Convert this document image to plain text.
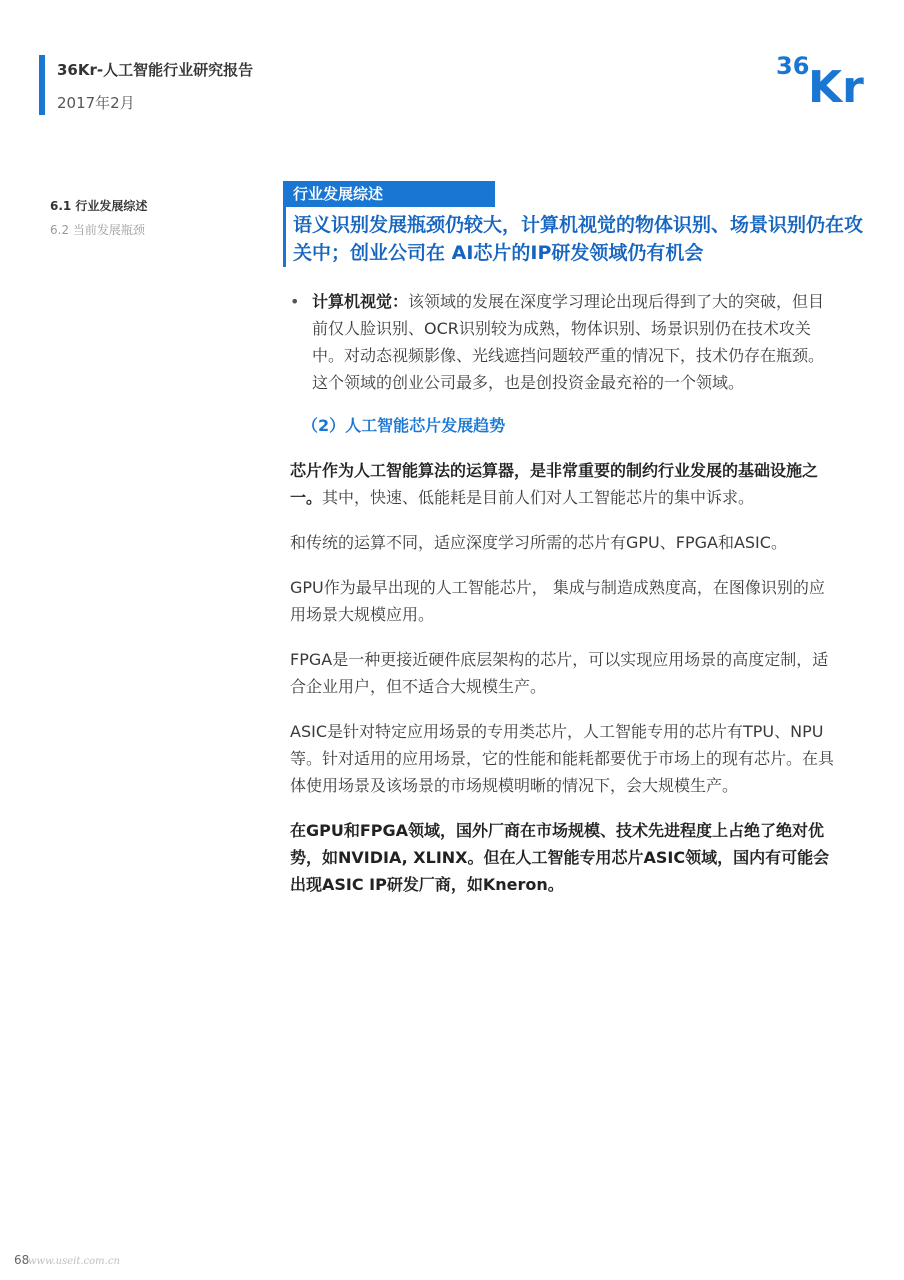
36Kr-人工智能行业研究报告
2017年2月
36
Kr
6.1 行业发展综述
6.2 当前发展瓶颈
行业发展综述
语义识别发展瓶颈仍较大，计算机视觉的物体识别、场景识别仍在攻关中；创业公司在 AI芯片的IP研发领域仍有机会
• 计算机视觉：该领域的发展在深度学习理论出现后得到了大的突破，但目前仅人脸识别、OCR识别较为成熟，物体识别、场景识别仍在技术攻关中。对动态视频影像、光线遮挡问题较严重的情况下，技术仍存在瓶颈。这个领域的创业公司最多，也是创投资金最充裕的一个领域。
（2）人工智能芯片发展趋势
芯片作为人工智能算法的运算器，是非常重要的制约行业发展的基础设施之一。其中，快速、低能耗是目前人们对人工智能芯片的集中诉求。
和传统的运算不同，适应深度学习所需的芯片有GPU、FPGA和ASIC。
GPU作为最早出现的人工智能芯片， 集成与制造成熟度高，在图像识别的应用场景大规模应用。
FPGA是一种更接近硬件底层架构的芯片，可以实现应用场景的高度定制，适合企业用户，但不适合大规模生产。
ASIC是针对特定应用场景的专用类芯片，人工智能专用的芯片有TPU、NPU等。针对适用的应用场景，它的性能和能耗都要优于市场上的现有芯片。在具体使用场景及该场景的市场规模明晰的情况下，会大规模生产。
在GPU和FPGA领域，国外厂商在市场规模、技术先进程度上占绝了绝对优势，如NVIDIA, XLINX。但在人工智能专用芯片ASIC领域，国内有可能会出现ASIC IP研发厂商，如Kneron。
68
www.useit.com.cn
